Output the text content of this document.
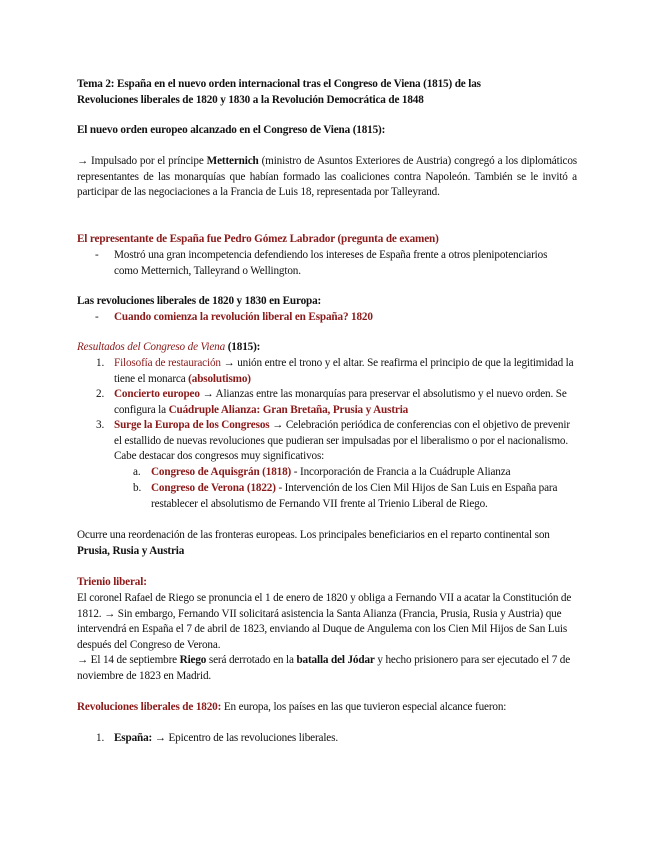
Tema 2: España en el nuevo orden internacional tras el Congreso de Viena (1815) de las
Revoluciones liberales de 1820 y 1830 a la Revolución Democrática de 1848
El nuevo orden europeo alcanzado en el Congreso de Viena (1815):
→ Impulsado por el príncipe Metternich (ministro de Asuntos Exteriores de Austria) congregó a los diplomáticos representantes de las monarquías que habían formado las coaliciones contra Napoleón. También se le invitó a participar de las negociaciones a la Francia de Luis 18, representada por Talleyrand.
El representante de España fue Pedro Gómez Labrador (pregunta de examen)
- Mostró una gran incompetencia defendiendo los intereses de España frente a otros plenipotenciarios como Metternich, Talleyrand o Wellington.
Las revoluciones liberales de 1820 y 1830 en Europa:
- Cuando comienza la revolución liberal en España? 1820
Resultados del Congreso de Viena (1815):
1. Filosofía de restauración → unión entre el trono y el altar. Se reafirma el principio de que la legitimidad la tiene el monarca (absolutismo)
2. Concierto europeo → Alianzas entre las monarquías para preservar el absolutismo y el nuevo orden. Se configura la Cuádruple Alianza: Gran Bretaña, Prusia y Austria
3. Surge la Europa de los Congresos → Celebración periódica de conferencias con el objetivo de prevenir el estallido de nuevas revoluciones que pudieran ser impulsadas por el liberalismo o por el nacionalismo. Cabe destacar dos congresos muy significativos:
a. Congreso de Aquisgrán (1818) - Incorporación de Francia a la Cuádruple Alianza
b. Congreso de Verona (1822) - Intervención de los Cien Mil Hijos de San Luis en España para restablecer el absolutismo de Fernando VII frente al Trienio Liberal de Riego.
Ocurre una reordenación de las fronteras europeas. Los principales beneficiarios en el reparto continental son Prusia, Rusia y Austria
Trienio liberal:
El coronel Rafael de Riego se pronuncia el 1 de enero de 1820 y obliga a Fernando VII a acatar la Constitución de 1812. → Sin embargo, Fernando VII solicitará asistencia la Santa Alianza (Francia, Prusia, Rusia y Austria) que intervendrá en España el 7 de abril de 1823, enviando al Duque de Angulema con los Cien Mil Hijos de San Luis después del Congreso de Verona.
→ El 14 de septiembre Riego será derrotado en la batalla del Jódar y hecho prisionero para ser ejecutado el 7 de noviembre de 1823 en Madrid.
Revoluciones liberales de 1820: En europa, los países en las que tuvieron especial alcance fueron:
1. España: → Epicentro de las revoluciones liberales.
